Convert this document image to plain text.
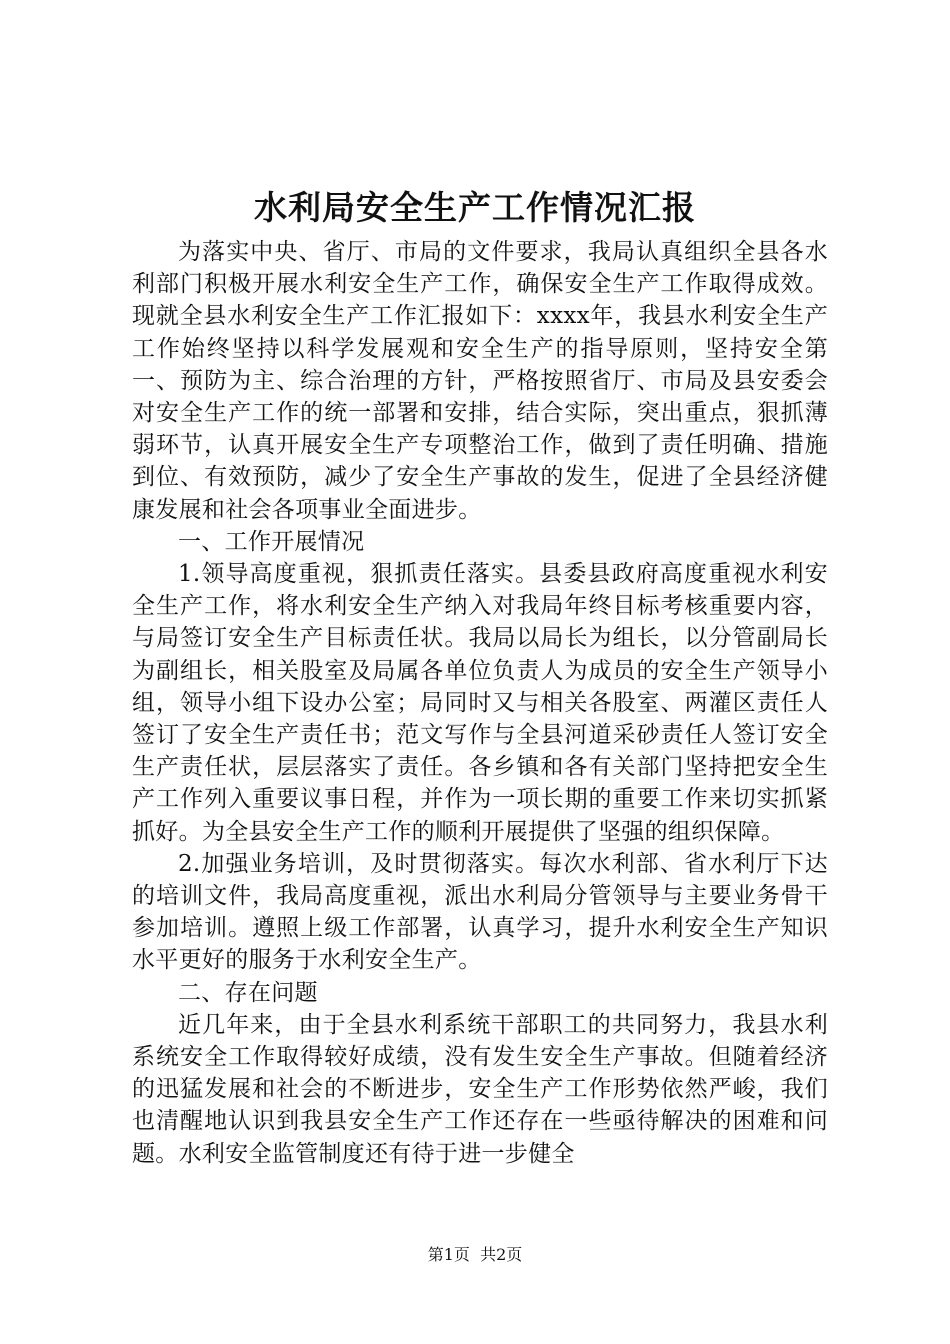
水利局安全生产工作情况汇报

为落实中央、省厅、市局的文件要求，我局认真组织全县各水利部门积极开展水利安全生产工作，确保安全生产工作取得成效。现就全县水利安全生产工作汇报如下：xxxx年，我县水利安全生产工作始终坚持以科学发展观和安全生产的指导原则，坚持安全第一、预防为主、综合治理的方针，严格按照省厅、市局及县安委会对安全生产工作的统一部署和安排，结合实际，突出重点，狠抓薄弱环节，认真开展安全生产专项整治工作，做到了责任明确、措施到位、有效预防，减少了安全生产事故的发生，促进了全县经济健康发展和社会各项事业全面进步。

一、工作开展情况

1.领导高度重视，狠抓责任落实。县委县政府高度重视水利安全生产工作，将水利安全生产纳入对我局年终目标考核重要内容，与局签订安全生产目标责任状。我局以局长为组长，以分管副局长为副组长，相关股室及局属各单位负责人为成员的安全生产领导小组，领导小组下设办公室；局同时又与相关各股室、两灌区责任人签订了安全生产责任书；范文写作与全县河道采砂责任人签订安全生产责任状，层层落实了责任。各乡镇和各有关部门坚持把安全生产工作列入重要议事日程，并作为一项长期的重要工作来切实抓紧抓好。为全县安全生产工作的顺利开展提供了坚强的组织保障。

2.加强业务培训，及时贯彻落实。每次水利部、省水利厅下达的培训文件，我局高度重视，派出水利局分管领导与主要业务骨干参加培训。遵照上级工作部署，认真学习，提升水利安全生产知识水平更好的服务于水利安全生产。

二、存在问题

近几年来，由于全县水利系统干部职工的共同努力，我县水利系统安全工作取得较好成绩，没有发生安全生产事故。但随着经济的迅猛发展和社会的不断进步，安全生产工作形势依然严峻，我们也清醒地认识到我县安全生产工作还存在一些亟待解决的困难和问题。水利安全监管制度还有待于进一步健全

第1页 共2页
